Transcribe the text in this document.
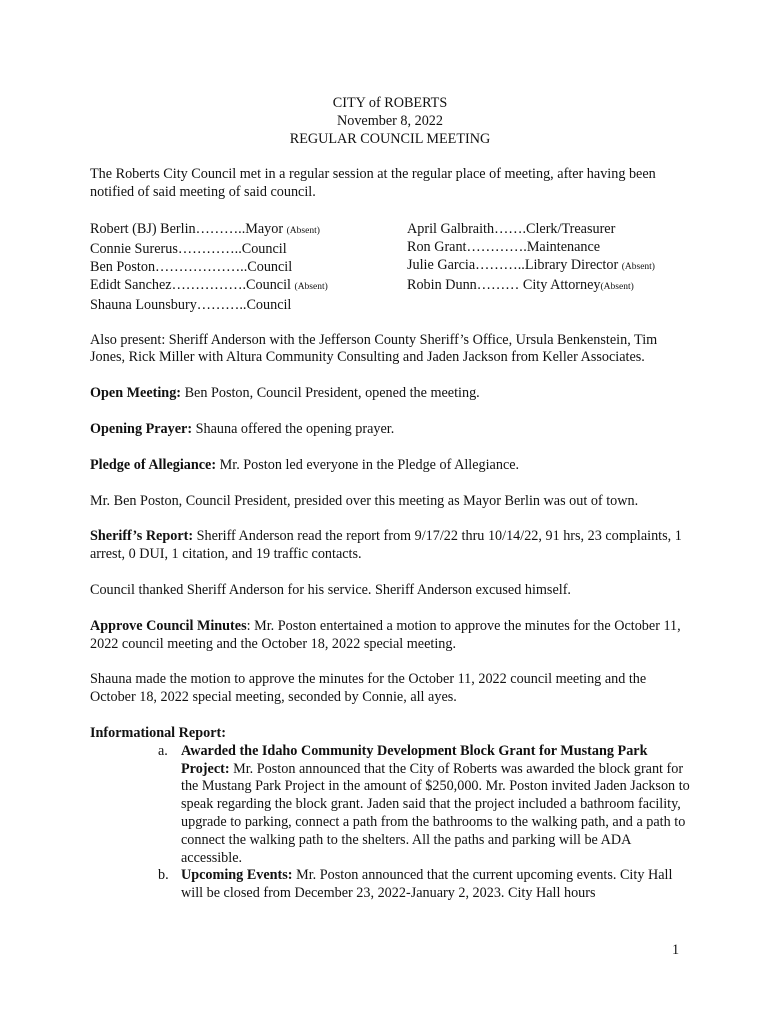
CITY of ROBERTS
November 8, 2022
REGULAR COUNCIL MEETING

The Roberts City Council met in a regular session at the regular place of meeting, after having been notified of said meeting of said council.

Robert (BJ) Berlin………..Mayor (Absent)
Connie Surerus…………..Council
Ben Poston………………..Council
Edidt Sanchez…………….Council (Absent)
Shauna Lounsbury………..Council
April Galbraith…….Clerk/Treasurer
Ron Grant………….Maintenance
Julie Garcia………..Library Director (Absent)
Robin Dunn……… City Attorney(Absent)

Also present: Sheriff Anderson with the Jefferson County Sheriff’s Office, Ursula Benkenstein, Tim Jones, Rick Miller with Altura Community Consulting and Jaden Jackson from Keller Associates.

Open Meeting: Ben Poston, Council President, opened the meeting.

Opening Prayer: Shauna offered the opening prayer.

Pledge of Allegiance: Mr. Poston led everyone in the Pledge of Allegiance.

Mr. Ben Poston, Council President, presided over this meeting as Mayor Berlin was out of town.

Sheriff’s Report: Sheriff Anderson read the report from 9/17/22 thru 10/14/22, 91 hrs, 23 complaints, 1 arrest, 0 DUI, 1 citation, and 19 traffic contacts.

Council thanked Sheriff Anderson for his service. Sheriff Anderson excused himself.

Approve Council Minutes: Mr. Poston entertained a motion to approve the minutes for the October 11, 2022 council meeting and the October 18, 2022 special meeting.

Shauna made the motion to approve the minutes for the October 11, 2022 council meeting and the October 18, 2022 special meeting, seconded by Connie, all ayes.

Informational Report:
a. Awarded the Idaho Community Development Block Grant for Mustang Park Project: Mr. Poston announced that the City of Roberts was awarded the block grant for the Mustang Park Project in the amount of $250,000. Mr. Poston invited Jaden Jackson to speak regarding the block grant. Jaden said that the project included a bathroom facility, upgrade to parking, connect a path from the bathrooms to the walking path, and a path to connect the walking path to the shelters. All the paths and parking will be ADA accessible.
b. Upcoming Events: Mr. Poston announced that the current upcoming events. City Hall will be closed from December 23, 2022-January 2, 2023. City Hall hours
1
